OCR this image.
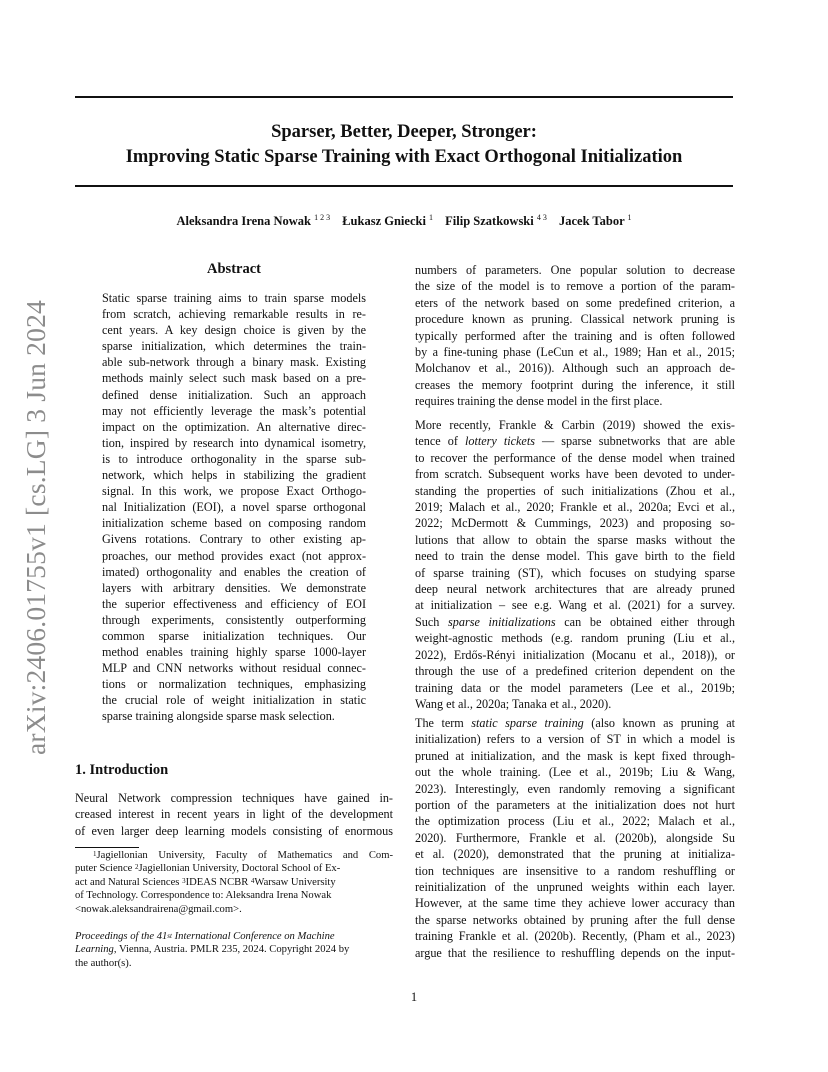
Sparser, Better, Deeper, Stronger:
Improving Static Sparse Training with Exact Orthogonal Initialization
Aleksandra Irena Nowak $^{1 2 3}$ Łukasz Gniecki $^1$ Filip Szatkowski $^{4 3}$ Jacek Tabor $^1$
arXiv:2406.01755v1 [cs.LG] 3 Jun 2024
Abstract
Static sparse training aims to train sparse models
from scratch, achieving remarkable results in re-
cent years. A key design choice is given by the
sparse initialization, which determines the train-
able sub-network through a binary mask. Existing
methods mainly select such mask based on a pre-
defined dense initialization. Such an approach
may not efficiently leverage the mask’s potential
impact on the optimization. An alternative direc-
tion, inspired by research into dynamical isometry,
is to introduce orthogonality in the sparse sub-
network, which helps in stabilizing the gradient
signal. In this work, we propose Exact Orthogo-
nal Initialization (EOI), a novel sparse orthogonal
initialization scheme based on composing random
Givens rotations. Contrary to other existing ap-
proaches, our method provides exact (not approx-
imated) orthogonality and enables the creation of
layers with arbitrary densities. We demonstrate
the superior effectiveness and efficiency of EOI
through experiments, consistently outperforming
common sparse initialization techniques. Our
method enables training highly sparse 1000-layer
MLP and CNN networks without residual connec-
tions or normalization techniques, emphasizing
the crucial role of weight initialization in static
sparse training alongside sparse mask selection.
1. Introduction
Neural Network compression techniques have gained in-
creased interest in recent years in light of the development
of even larger deep learning models consisting of enormous
$^1$Jagiellonian University, Faculty of Mathematics and Com-
puter Science $^2$Jagiellonian University, Doctoral School of Ex-
act and Natural Sciences $^3$IDEAS NCBR $^4$Warsaw University
of Technology. Correspondence to: Aleksandra Irena Nowak
<nowak.aleksandrairena@gmail.com>.
Proceedings of the 41st International Conference on Machine
Learning, Vienna, Austria. PMLR 235, 2024. Copyright 2024 by
the author(s).
numbers of parameters. One popular solution to decrease
the size of the model is to remove a portion of the param-
eters of the network based on some predefined criterion, a
procedure known as pruning. Classical network pruning is
typically performed after the training and is often followed
by a fine-tuning phase (LeCun et al., 1989; Han et al., 2015;
Molchanov et al., 2016)). Although such an approach de-
creases the memory footprint during the inference, it still
requires training the dense model in the first place.
More recently, Frankle & Carbin (2019) showed the exis-
tence of lottery tickets — sparse subnetworks that are able
to recover the performance of the dense model when trained
from scratch. Subsequent works have been devoted to under-
standing the properties of such initializations (Zhou et al.,
2019; Malach et al., 2020; Frankle et al., 2020a; Evci et al.,
2022; McDermott & Cummings, 2023) and proposing so-
lutions that allow to obtain the sparse masks without the
need to train the dense model. This gave birth to the field
of sparse training (ST), which focuses on studying sparse
deep neural network architectures that are already pruned
at initialization – see e.g. Wang et al. (2021) for a survey.
Such sparse initializations can be obtained either through
weight-agnostic methods (e.g. random pruning (Liu et al.,
2022), Erdős-Rényi initialization (Mocanu et al., 2018)), or
through the use of a predefined criterion dependent on the
training data or the model parameters (Lee et al., 2019b;
Wang et al., 2020a; Tanaka et al., 2020).
The term static sparse training (also known as pruning at
initialization) refers to a version of ST in which a model is
pruned at initialization, and the mask is kept fixed through-
out the whole training. (Lee et al., 2019b; Liu & Wang,
2023). Interestingly, even randomly removing a significant
portion of the parameters at the initialization does not hurt
the optimization process (Liu et al., 2022; Malach et al.,
2020). Furthermore, Frankle et al. (2020b), alongside Su
et al. (2020), demonstrated that the pruning at initializa-
tion techniques are insensitive to a random reshuffling or
reinitialization of the unpruned weights within each layer.
However, at the same time they achieve lower accuracy than
the sparse networks obtained by pruning after the full dense
training Frankle et al. (2020b). Recently, (Pham et al., 2023)
argue that the resilience to reshuffling depends on the input-
1
